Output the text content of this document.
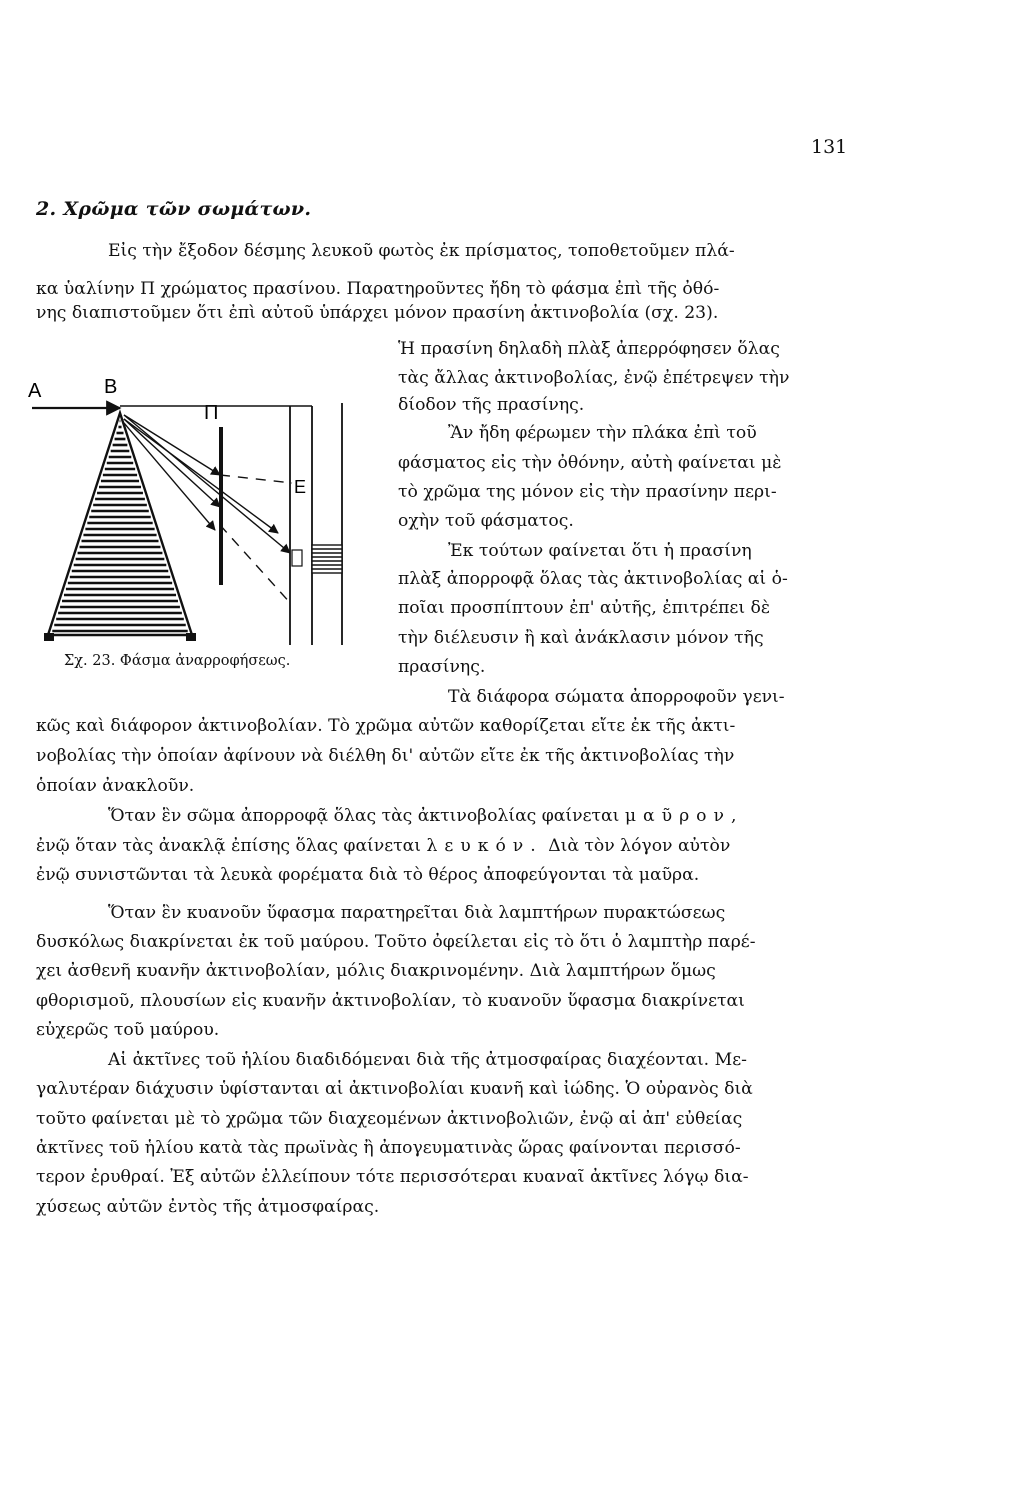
131
2. Χρῶμα τῶν σωμάτων.
Εἰς τὴν ἔξοδον δέσμης λευκοῦ φωτὸς ἐκ πρίσματος, τοποθετοῦμεν πλά-
κα ὑαλίνην Π χρώματος πρασίνου. Παρατηροῦντες ἤδη τὸ φάσμα ἐπὶ τῆς ὀθό-
νης διαπιστοῦμεν ὅτι ἐπὶ αὐτοῦ ὑπάρχει μόνον πρασίνη ἀκτινοβολία (σχ. 23).
A	B
Π
E
Σχ. 23. Φάσμα ἀναρροφήσεως.
Ἡ πρασίνη δηλαδὴ πλὰξ ἀπερρόφησεν ὅλας
τὰς ἄλλας ἀκτινοβολίας, ἐνῷ ἐπέτρεψεν τὴν
δίοδον τῆς πρασίνης.
Ἂν ἤδη φέρωμεν τὴν πλάκα ἐπὶ τοῦ
φάσματος εἰς τὴν ὀθόνην, αὐτὴ φαίνεται μὲ
τὸ χρῶμα της μόνον εἰς τὴν πρασίνην περι-
οχὴν τοῦ φάσματος.
Ἐκ τούτων φαίνεται ὅτι ἡ πρασίνη
πλὰξ ἀπορροφᾷ ὅλας τὰς ἀκτινοβολίας αἱ ὁ-
ποῖαι προσπίπτουν ἐπ' αὐτῆς, ἐπιτρέπει δὲ
τὴν διέλευσιν ἢ καὶ ἀνάκλασιν μόνον τῆς
πρασίνης.
Τὰ διάφορα σώματα ἀπορροφοῦν γενι-
κῶς καὶ διάφορον ἀκτινοβολίαν. Τὸ χρῶμα αὐτῶν καθορίζεται εἴτε ἐκ τῆς ἀκτι-
νοβολίας τὴν ὁποίαν ἀφίνουν νὰ διέλθη δι' αὐτῶν εἴτε ἐκ τῆς ἀκτινοβολίας τὴν
ὁποίαν ἀνακλοῦν.
Ὅταν ἓν σῶμα ἀπορροφᾷ ὅλας τὰς ἀκτινοβολίας φαίνεται μαῦρον,
ἐνῷ ὅταν τὰς ἀνακλᾷ ἐπίσης ὅλας φαίνεται λευκόν. Διὰ τὸν λόγον αὐτὸν
ἐνῷ συνιστῶνται τὰ λευκὰ φορέματα διὰ τὸ θέρος ἀποφεύγονται τὰ μαῦρα.
Ὅταν ἓν κυανοῦν ὕφασμα παρατηρεῖται διὰ λαμπτήρων πυρακτώσεως
δυσκόλως διακρίνεται ἐκ τοῦ μαύρου. Τοῦτο ὀφείλεται εἰς τὸ ὅτι ὁ λαμπτὴρ παρέ-
χει ἀσθενῆ κυανῆν ἀκτινοβολίαν, μόλις διακρινομένην. Διὰ λαμπτήρων ὅμως
φθορισμοῦ, πλουσίων εἰς κυανῆν ἀκτινοβολίαν, τὸ κυανοῦν ὕφασμα διακρίνεται
εὐχερῶς τοῦ μαύρου.
Αἱ ἀκτῖνες τοῦ ἡλίου διαδιδόμεναι διὰ τῆς ἀτμοσφαίρας διαχέονται. Με-
γαλυτέραν διάχυσιν ὑφίστανται αἱ ἀκτινοβολίαι κυανῆ καὶ ἰώδης. Ὁ οὐρανὸς διὰ
τοῦτο φαίνεται μὲ τὸ χρῶμα τῶν διαχεομένων ἀκτινοβολιῶν, ἐνῷ αἱ ἀπ' εὐθείας
ἀκτῖνες τοῦ ἡλίου κατὰ τὰς πρωϊνὰς ἢ ἀπογευματινὰς ὥρας φαίνονται περισσό-
τερον ἐρυθραί. Ἐξ αὐτῶν ἐλλείπουν τότε περισσότεραι κυαναῖ ἀκτῖνες λόγῳ δια-
χύσεως αὐτῶν ἐντὸς τῆς ἀτμοσφαίρας.
